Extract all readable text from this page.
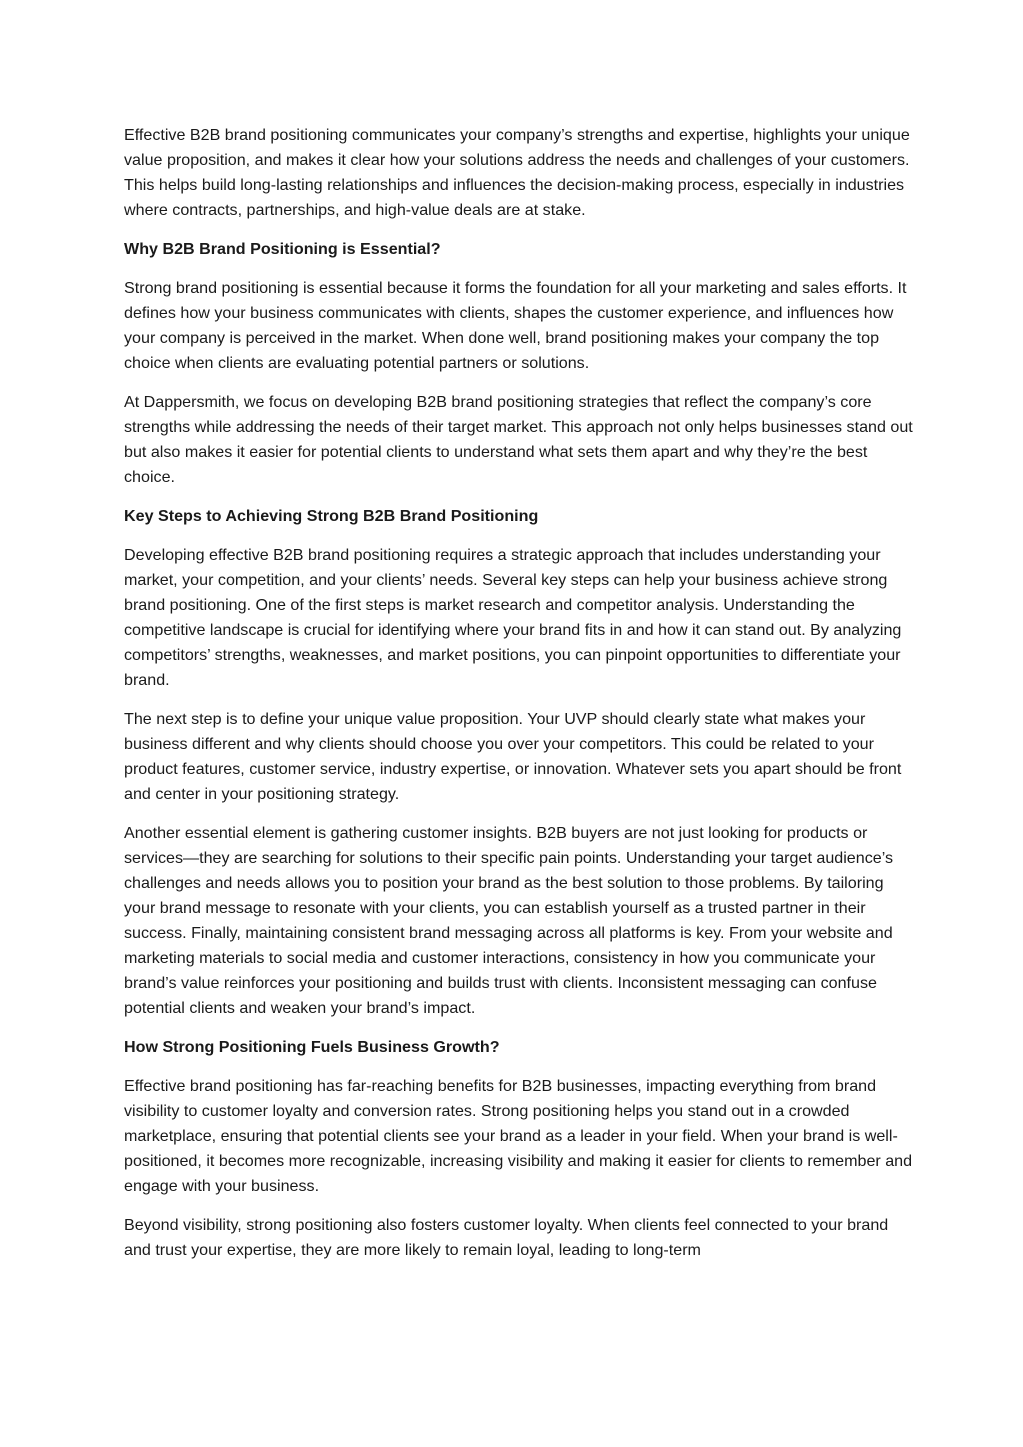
Effective B2B brand positioning communicates your company’s strengths and expertise, highlights your unique value proposition, and makes it clear how your solutions address the needs and challenges of your customers. This helps build long-lasting relationships and influences the decision-making process, especially in industries where contracts, partnerships, and high-value deals are at stake.

Why B2B Brand Positioning is Essential?

Strong brand positioning is essential because it forms the foundation for all your marketing and sales efforts. It defines how your business communicates with clients, shapes the customer experience, and influences how your company is perceived in the market. When done well, brand positioning makes your company the top choice when clients are evaluating potential partners or solutions.

At Dappersmith, we focus on developing B2B brand positioning strategies that reflect the company’s core strengths while addressing the needs of their target market. This approach not only helps businesses stand out but also makes it easier for potential clients to understand what sets them apart and why they’re the best choice.

Key Steps to Achieving Strong B2B Brand Positioning

Developing effective B2B brand positioning requires a strategic approach that includes understanding your market, your competition, and your clients’ needs. Several key steps can help your business achieve strong brand positioning. One of the first steps is market research and competitor analysis. Understanding the competitive landscape is crucial for identifying where your brand fits in and how it can stand out. By analyzing competitors’ strengths, weaknesses, and market positions, you can pinpoint opportunities to differentiate your brand.

The next step is to define your unique value proposition. Your UVP should clearly state what makes your business different and why clients should choose you over your competitors. This could be related to your product features, customer service, industry expertise, or innovation. Whatever sets you apart should be front and center in your positioning strategy.

Another essential element is gathering customer insights. B2B buyers are not just looking for products or services—they are searching for solutions to their specific pain points. Understanding your target audience’s challenges and needs allows you to position your brand as the best solution to those problems. By tailoring your brand message to resonate with your clients, you can establish yourself as a trusted partner in their success. Finally, maintaining consistent brand messaging across all platforms is key. From your website and marketing materials to social media and customer interactions, consistency in how you communicate your brand’s value reinforces your positioning and builds trust with clients. Inconsistent messaging can confuse potential clients and weaken your brand’s impact.

How Strong Positioning Fuels Business Growth?

Effective brand positioning has far-reaching benefits for B2B businesses, impacting everything from brand visibility to customer loyalty and conversion rates. Strong positioning helps you stand out in a crowded marketplace, ensuring that potential clients see your brand as a leader in your field. When your brand is well-positioned, it becomes more recognizable, increasing visibility and making it easier for clients to remember and engage with your business.

Beyond visibility, strong positioning also fosters customer loyalty. When clients feel connected to your brand and trust your expertise, they are more likely to remain loyal, leading to long-term
